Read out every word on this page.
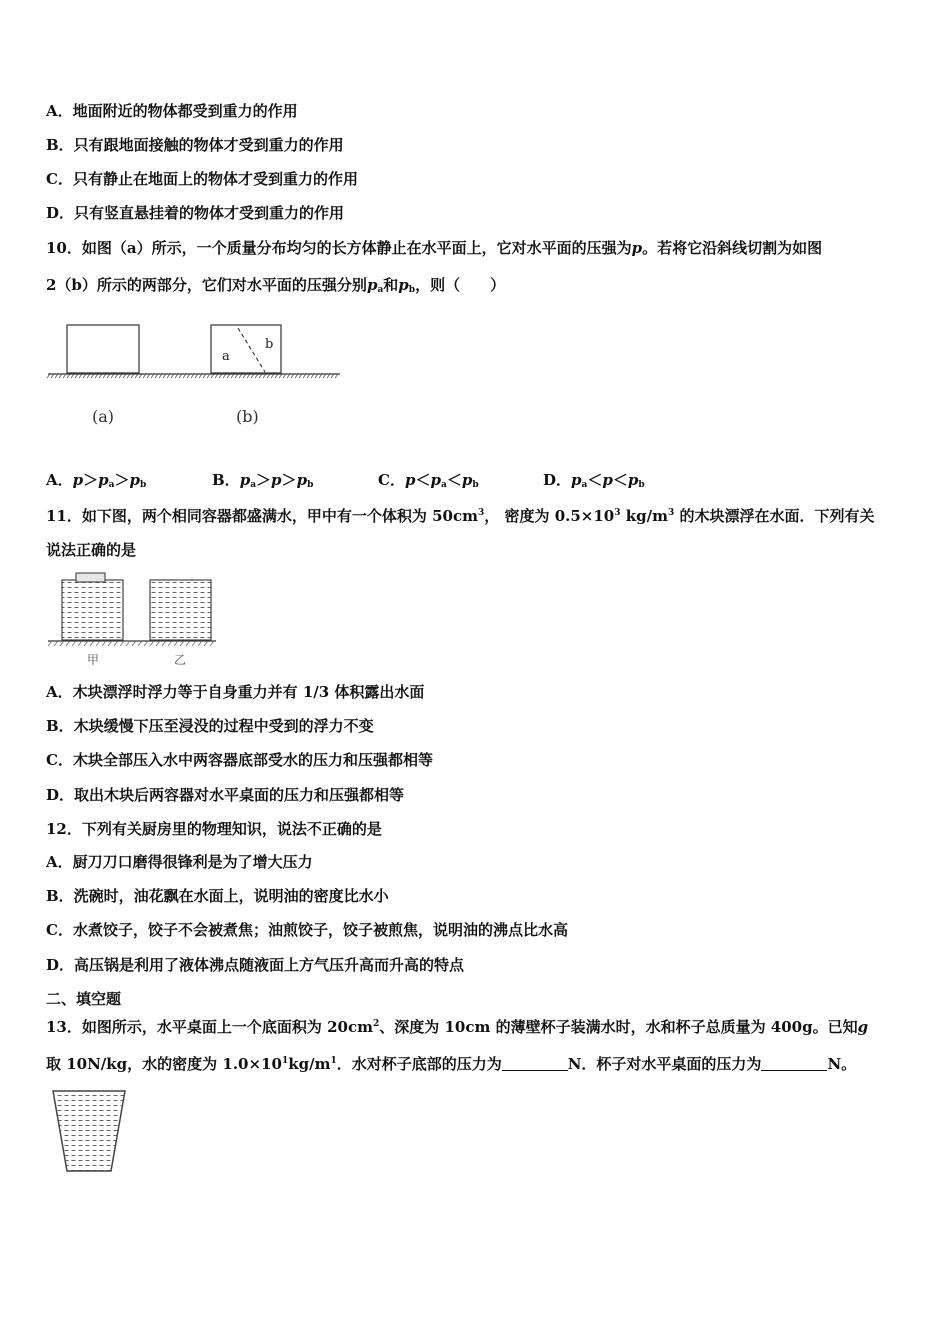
A．地面附近的物体都受到重力的作用
B．只有跟地面接触的物体才受到重力的作用
C．只有静止在地面上的物体才受到重力的作用
D．只有竖直悬挂着的物体才受到重力的作用
10．如图（a）所示，一个质量分布均匀的长方体静止在水平面上，它对水平面的压强为p。若将它沿斜线切割为如图
2（b）所示的两部分，它们对水平面的压强分别$p_a$和$p_b$，则（　　）
a
b
(a)	(b)
A．$p>p_a>p_b$	B．$p_a>p>p_b$	C．$p<p_a<p_b$	D．$p_a<p<p_b$
11．如下图，两个相同容器都盛满水，甲中有一个体积为 $50cm^3$， 密度为 $0.5\times 10^3$ $kg/m^3$ 的木块漂浮在水面．下列有关
说法正确的是
甲	乙
A．木块漂浮时浮力等于自身重力并有 1/3 体积露出水面
B．木块缓慢下压至浸没的过程中受到的浮力不变
C．木块全部压入水中两容器底部受水的压力和压强都相等
D．取出木块后两容器对水平桌面的压力和压强都相等
12．下列有关厨房里的物理知识，说法不正确的是
A．厨刀刀口磨得很锋利是为了增大压力
B．洗碗时，油花飘在水面上，说明油的密度比水小
C．水煮饺子，饺子不会被煮焦；油煎饺子，饺子被煎焦，说明油的沸点比水高
D．高压锅是利用了液体沸点随液面上方气压升高而升高的特点
二、填空题
13．如图所示，水平桌面上一个底面积为 $20cm^2$、深度为 10cm 的薄壁杯子装满水时，水和杯子总质量为 400g。已知g
取 10N/kg，水的密度为 $1.0\times 10^1kg/m^1$．水对杯子底部的压力为	N．杯子对水平桌面的压力为	N。
